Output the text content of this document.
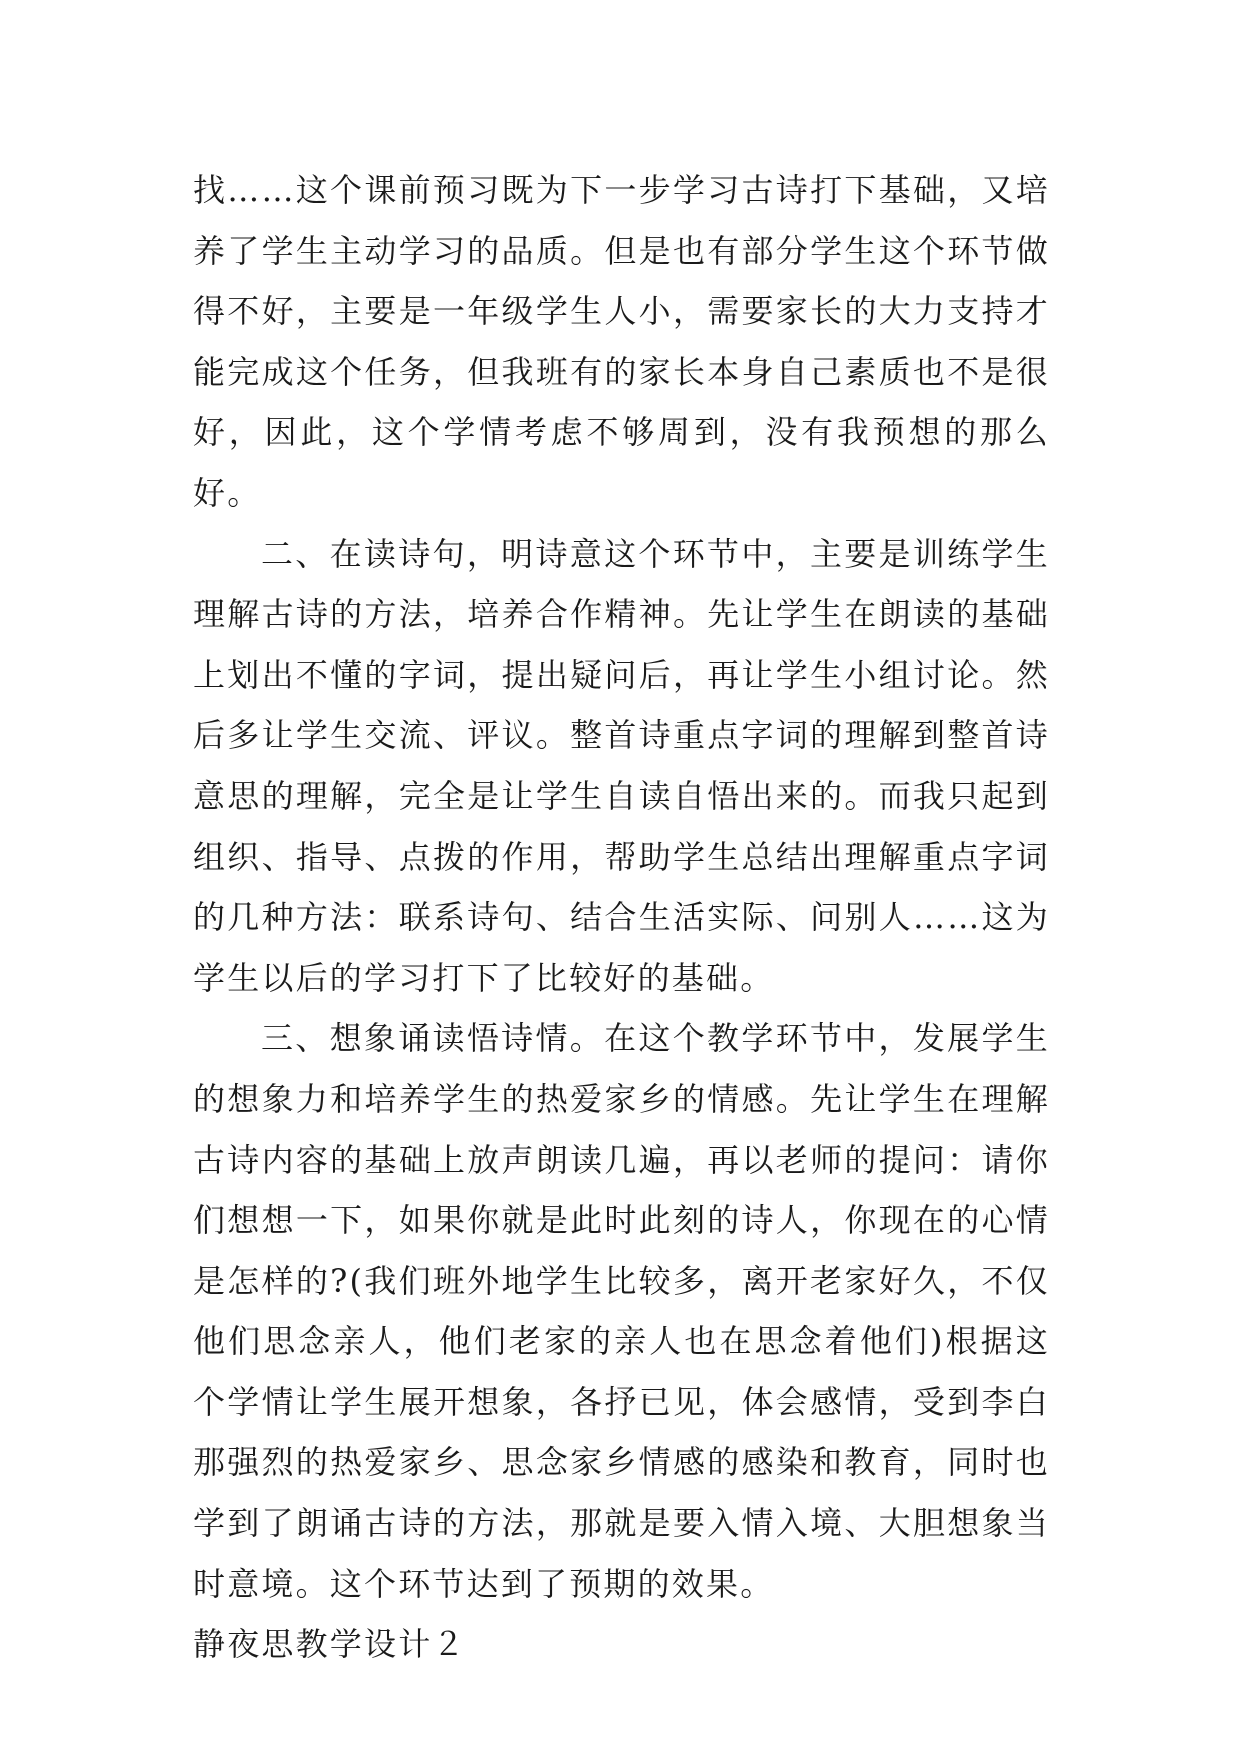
找……这个课前预习既为下一步学习古诗打下基础，又培养了学生主动学习的品质。但是也有部分学生这个环节做得不好，主要是一年级学生人小，需要家长的大力支持才能完成这个任务，但我班有的家长本身自己素质也不是很好，因此，这个学情考虑不够周到，没有我预想的那么好。

二、在读诗句，明诗意这个环节中，主要是训练学生理解古诗的方法，培养合作精神。先让学生在朗读的基础上划出不懂的字词，提出疑问后，再让学生小组讨论。然后多让学生交流、评议。整首诗重点字词的理解到整首诗意思的理解，完全是让学生自读自悟出来的。而我只起到组织、指导、点拨的作用，帮助学生总结出理解重点字词的几种方法：联系诗句、结合生活实际、问别人……这为学生以后的学习打下了比较好的基础。

三、想象诵读悟诗情。在这个教学环节中，发展学生的想象力和培养学生的热爱家乡的情感。先让学生在理解古诗内容的基础上放声朗读几遍，再以老师的提问：请你们想想一下，如果你就是此时此刻的诗人，你现在的心情是怎样的?(我们班外地学生比较多，离开老家好久，不仅他们思念亲人，他们老家的亲人也在思念着他们)根据这个学情让学生展开想象，各抒已见，体会感情，受到李白那强烈的热爱家乡、思念家乡情感的感染和教育，同时也学到了朗诵古诗的方法，那就是要入情入境、大胆想象当时意境。这个环节达到了预期的效果。

静夜思教学设计２
